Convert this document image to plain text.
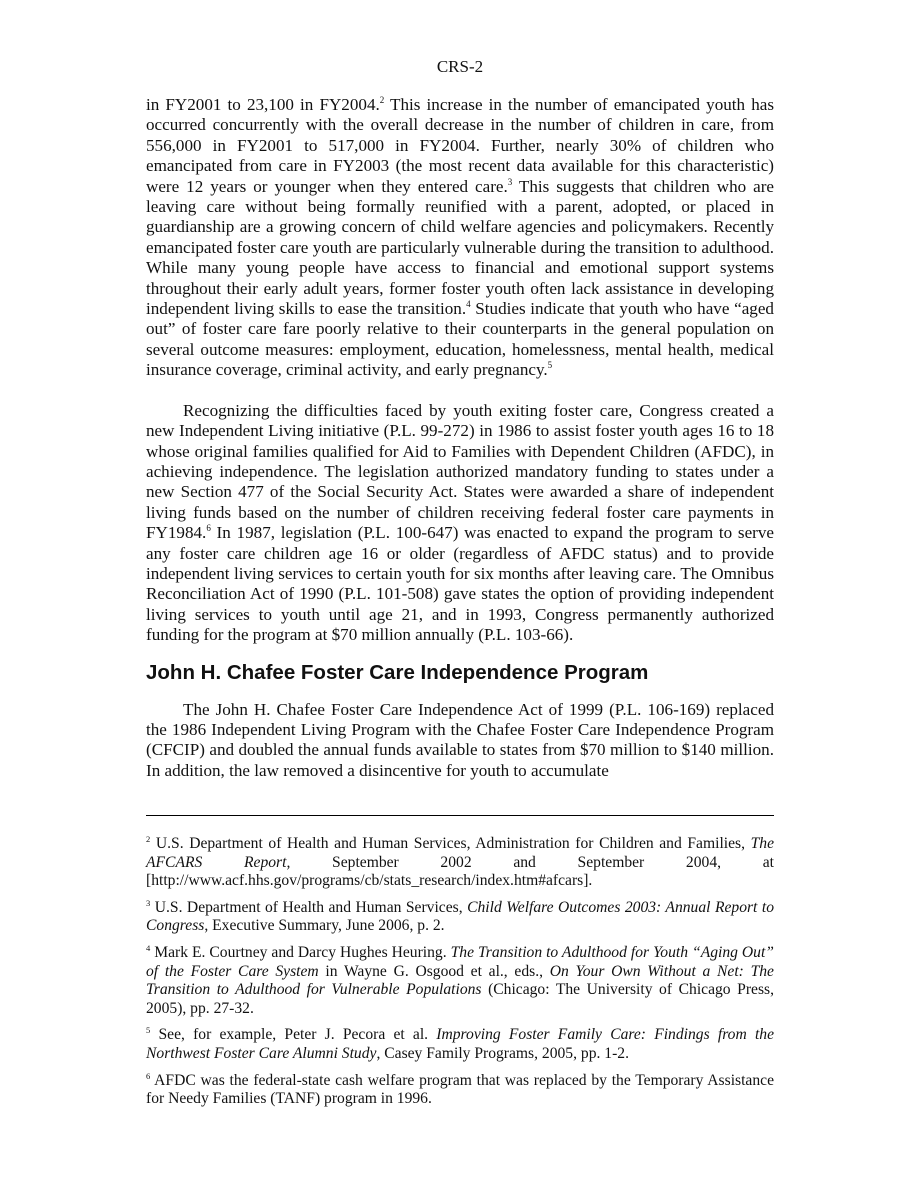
CRS-2

in FY2001 to 23,100 in FY2004.$^2$ This increase in the number of emancipated youth has occurred concurrently with the overall decrease in the number of children in care, from 556,000 in FY2001 to 517,000 in FY2004. Further, nearly 30% of children who emancipated from care in FY2003 (the most recent data available for this characteristic) were 12 years or younger when they entered care.$^3$ This suggests that children who are leaving care without being formally reunified with a parent, adopted, or placed in guardianship are a growing concern of child welfare agencies and policymakers. Recently emancipated foster care youth are particularly vulnerable during the transition to adulthood. While many young people have access to financial and emotional support systems throughout their early adult years, former foster youth often lack assistance in developing independent living skills to ease the transition.$^4$ Studies indicate that youth who have “aged out” of foster care fare poorly relative to their counterparts in the general population on several outcome measures: employment, education, homelessness, mental health, medical insurance coverage, criminal activity, and early pregnancy.$^5$

Recognizing the difficulties faced by youth exiting foster care, Congress created a new Independent Living initiative (P.L. 99-272) in 1986 to assist foster youth ages 16 to 18 whose original families qualified for Aid to Families with Dependent Children (AFDC), in achieving independence. The legislation authorized mandatory funding to states under a new Section 477 of the Social Security Act. States were awarded a share of independent living funds based on the number of children receiving federal foster care payments in FY1984.$^6$ In 1987, legislation (P.L. 100-647) was enacted to expand the program to serve any foster care children age 16 or older (regardless of AFDC status) and to provide independent living services to certain youth for six months after leaving care. The Omnibus Reconciliation Act of 1990 (P.L. 101-508) gave states the option of providing independent living services to youth until age 21, and in 1993, Congress permanently authorized funding for the program at $70 million annually (P.L. 103-66).

John H. Chafee Foster Care Independence Program

The John H. Chafee Foster Care Independence Act of 1999 (P.L. 106-169) replaced the 1986 Independent Living Program with the Chafee Foster Care Independence Program (CFCIP) and doubled the annual funds available to states from $70 million to $140 million. In addition, the law removed a disincentive for youth to accumulate

$^2$ U.S. Department of Health and Human Services, Administration for Children and Families, The AFCARS Report, September 2002 and September 2004, at [http://www.acf.hhs.gov/programs/cb/stats_research/index.htm#afcars].

$^3$ U.S. Department of Health and Human Services, Child Welfare Outcomes 2003: Annual Report to Congress, Executive Summary, June 2006, p. 2.

$^4$ Mark E. Courtney and Darcy Hughes Heuring. The Transition to Adulthood for Youth “Aging Out” of the Foster Care System in Wayne G. Osgood et al., eds., On Your Own Without a Net: The Transition to Adulthood for Vulnerable Populations (Chicago: The University of Chicago Press, 2005), pp. 27-32.

$^5$ See, for example, Peter J. Pecora et al. Improving Foster Family Care: Findings from the Northwest Foster Care Alumni Study, Casey Family Programs, 2005, pp. 1-2.

$^6$ AFDC was the federal-state cash welfare program that was replaced by the Temporary Assistance for Needy Families (TANF) program in 1996.
